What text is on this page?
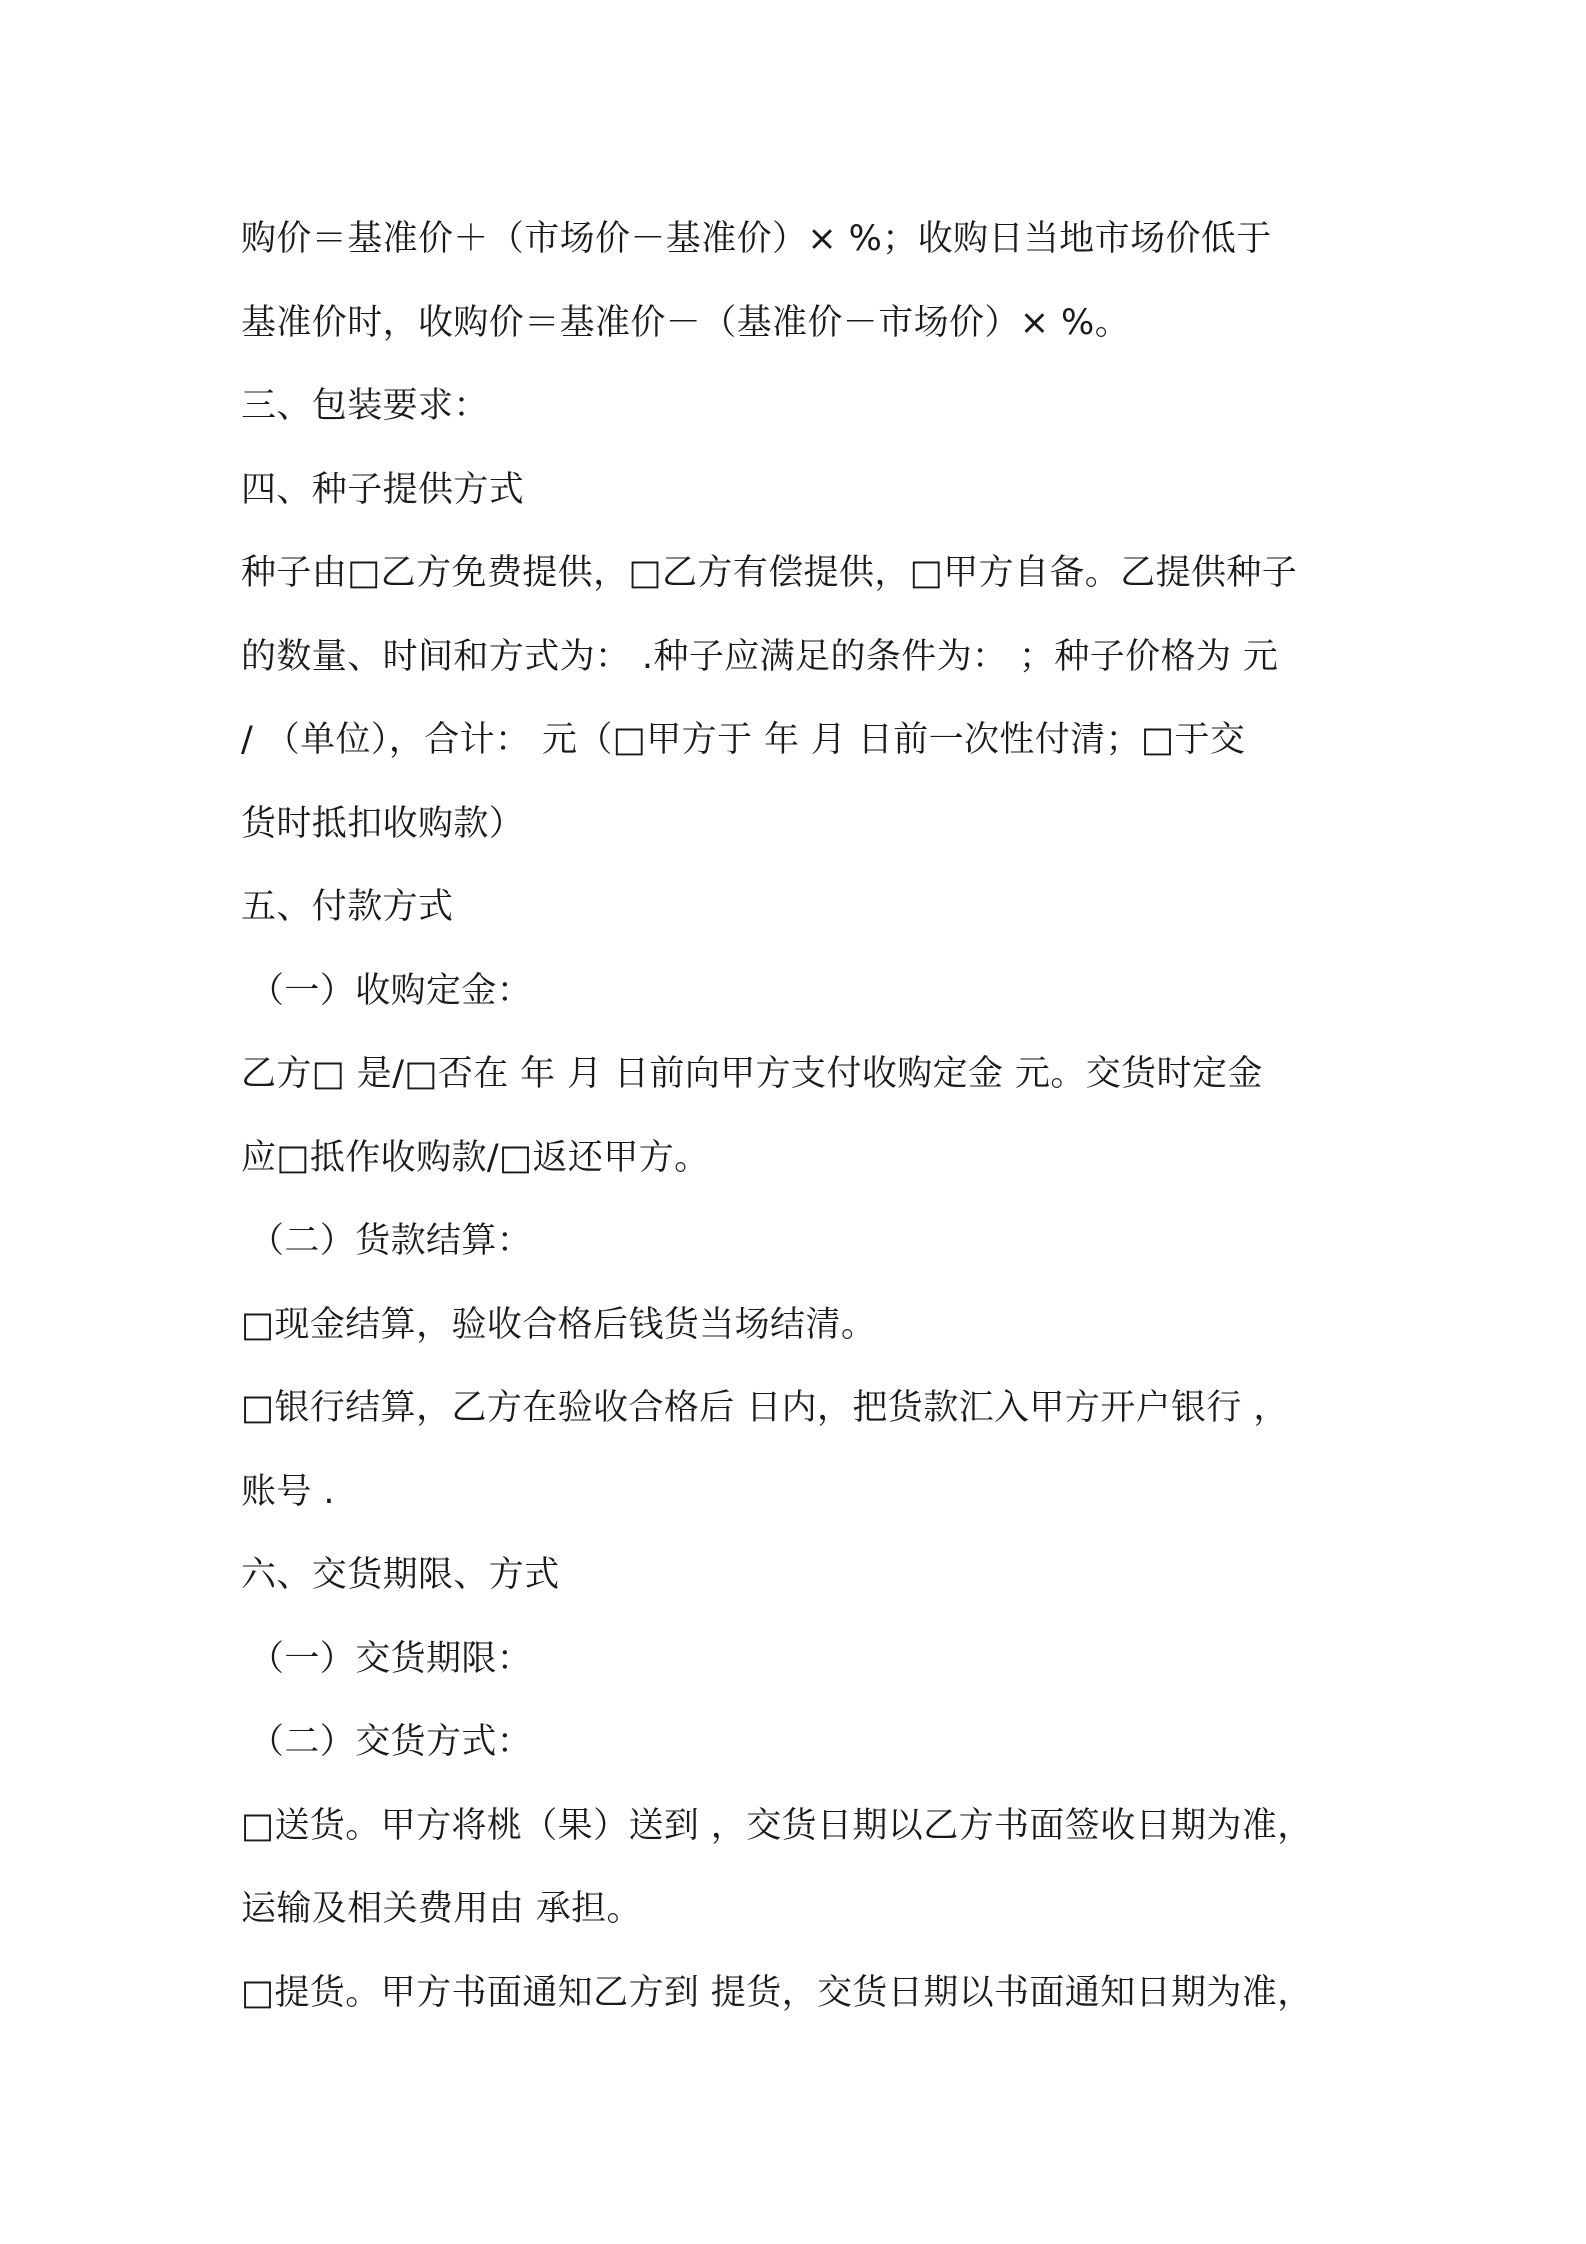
购价＝基准价＋（市场价－基准价）× %；收购日当地市场价低于
基准价时，收购价＝基准价－（基准价－市场价）× %。
三、包装要求：
四、种子提供方式
种子由□乙方免费提供，□乙方有偿提供，□甲方自备。乙提供种子
的数量、时间和方式为： .种子应满足的条件为： ；种子价格为 元
/ （单位），合计： 元（□甲方于 年 月 日前一次性付清；□于交
货时抵扣收购款）
五、付款方式
（一）收购定金：
乙方□ 是/□否在 年 月 日前向甲方支付收购定金 元。交货时定金
应□抵作收购款/□返还甲方。
（二）货款结算：
□现金结算，验收合格后钱货当场结清。
□银行结算，乙方在验收合格后 日内，把货款汇入甲方开户银行 ，
账号 .
六、交货期限、方式
（一）交货期限：
（二）交货方式：
□送货。甲方将桃（果）送到 ，交货日期以乙方书面签收日期为准，
运输及相关费用由 承担。
□提货。甲方书面通知乙方到 提货，交货日期以书面通知日期为准，
